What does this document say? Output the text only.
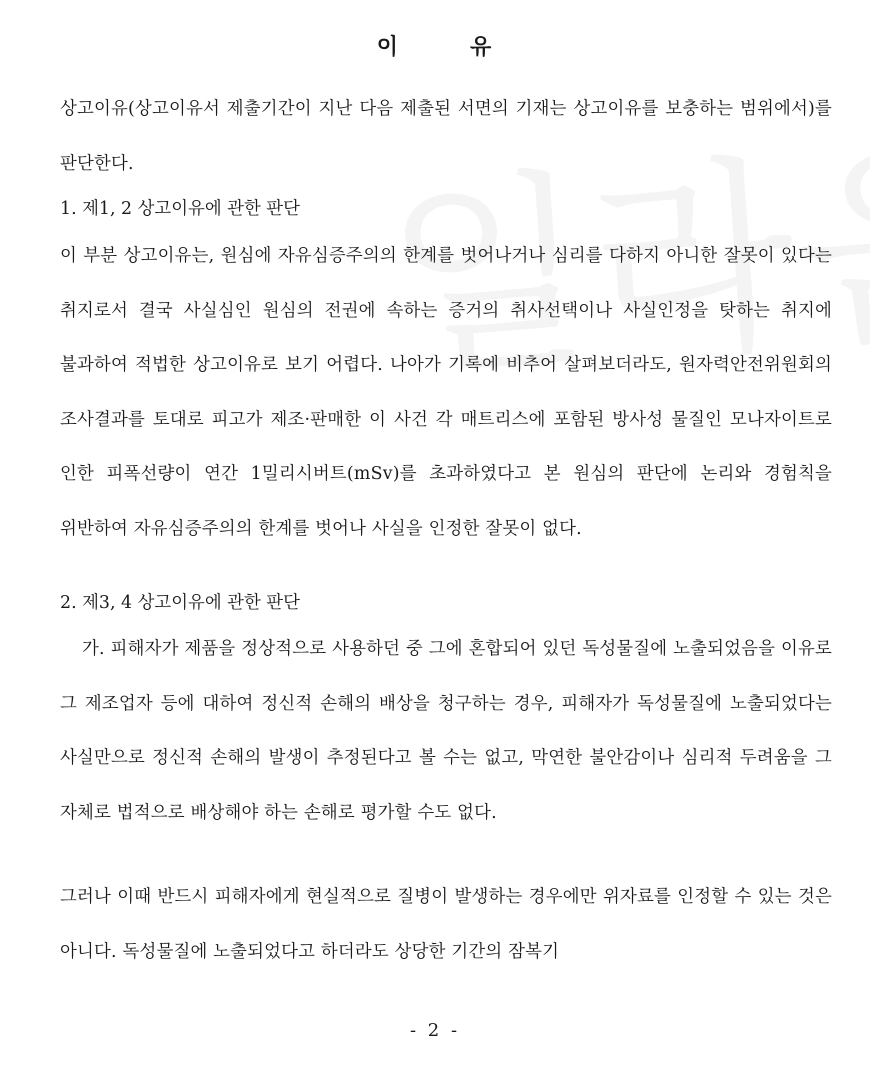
이	유
상고이유(상고이유서 제출기간이 지난 다음 제출된 서면의 기재는 상고이유를 보충하는 범위에서)를 판단한다.
1. 제1, 2 상고이유에 관한 판단
이 부분 상고이유는, 원심에 자유심증주의의 한계를 벗어나거나 심리를 다하지 아니한 잘못이 있다는 취지로서 결국 사실심인 원심의 전권에 속하는 증거의 취사선택이나 사실인정을 탓하는 취지에 불과하여 적법한 상고이유로 보기 어렵다. 나아가 기록에 비추어 살펴보더라도, 원자력안전위원회의 조사결과를 토대로 피고가 제조·판매한 이 사건 각 매트리스에 포함된 방사성 물질인 모나자이트로 인한 피폭선량이 연간 1밀리시버트(mSv)를 초과하였다고 본 원심의 판단에 논리와 경험칙을 위반하여 자유심증주의의 한계를 벗어나 사실을 인정한 잘못이 없다.
2. 제3, 4 상고이유에 관한 판단
가. 피해자가 제품을 정상적으로 사용하던 중 그에 혼합되어 있던 독성물질에 노출되었음을 이유로 그 제조업자 등에 대하여 정신적 손해의 배상을 청구하는 경우, 피해자가 독성물질에 노출되었다는 사실만으로 정신적 손해의 발생이 추정된다고 볼 수는 없고, 막연한 불안감이나 심리적 두려움을 그 자체로 법적으로 배상해야 하는 손해로 평가할 수도 없다.
그러나 이때 반드시 피해자에게 현실적으로 질병이 발생하는 경우에만 위자료를 인정할 수 있는 것은 아니다. 독성물질에 노출되었다고 하더라도 상당한 기간의 잠복기
- 2 -
